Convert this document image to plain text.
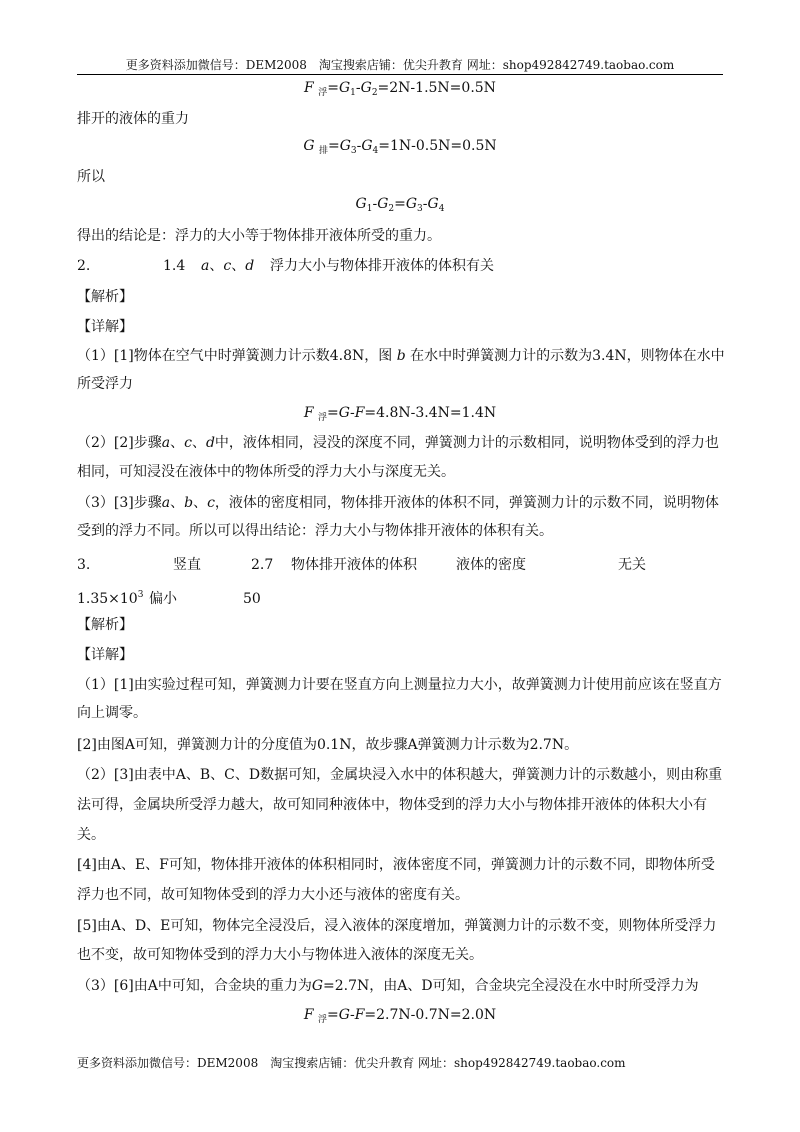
更多资料添加微信号：DEM2008　淘宝搜索店铺：优尖升教育 网址：shop492842749.taobao.com
F $_浮=G_1-G_2=2N-1.5N=0.5N$
排开的液体的重力
G $_排=G_3-G_4=1N-0.5N=0.5N$
所以
$G_1-G_2=G_3-G_4$
得出的结论是：浮力的大小等于物体排开液体所受的重力。
2.	1.4 a、c、d 浮力大小与物体排开液体的体积有关
【解析】
【详解】
（1）[1]物体在空气中时弹簧测力计示数4.8N，图 b 在水中时弹簧测力计的示数为3.4N，则物体在水中
所受浮力
F $_浮$=G-F=4.8N-3.4N=1.4N
（2）[2]步骤a、c、d中，液体相同，浸没的深度不同，弹簧测力计的示数相同，说明物体受到的浮力也
相同，可知浸没在液体中的物体所受的浮力大小与深度无关。
（3）[3]步骤a、b、c，液体的密度相同，物体排开液体的体积不同，弹簧测力计的示数不同，说明物体
受到的浮力不同。所以可以得出结论：浮力大小与物体排开液体的体积有关。
3.	竖直	2.7 物体排开液体的体积	液体的密度	无关
$1.35\times 10^3$ 偏小	50
【解析】
【详解】
（1）[1]由实验过程可知，弹簧测力计要在竖直方向上测量拉力大小，故弹簧测力计使用前应该在竖直方
向上调零。
[2]由图A可知，弹簧测力计的分度值为0.1N，故步骤A弹簧测力计示数为2.7N。
（2）[3]由表中A、B、C、D数据可知，金属块浸入水中的体积越大，弹簧测力计的示数越小，则由称重
法可得，金属块所受浮力越大，故可知同种液体中，物体受到的浮力大小与物体排开液体的体积大小有
关。
[4]由A、E、F可知，物体排开液体的体积相同时，液体密度不同，弹簧测力计的示数不同，即物体所受
浮力也不同，故可知物体受到的浮力大小还与液体的密度有关。
[5]由A、D、E可知，物体完全浸没后，浸入液体的深度增加，弹簧测力计的示数不变，则物体所受浮力
也不变，故可知物体受到的浮力大小与物体进入液体的深度无关。
（3）[6]由A中可知，合金块的重力为G=2.7N，由A、D可知，合金块完全浸没在水中时所受浮力为
F $_浮$=G-F=2.7N-0.7N=2.0N
更多资料添加微信号：DEM2008　淘宝搜索店铺：优尖升教育 网址：shop492842749.taobao.com
